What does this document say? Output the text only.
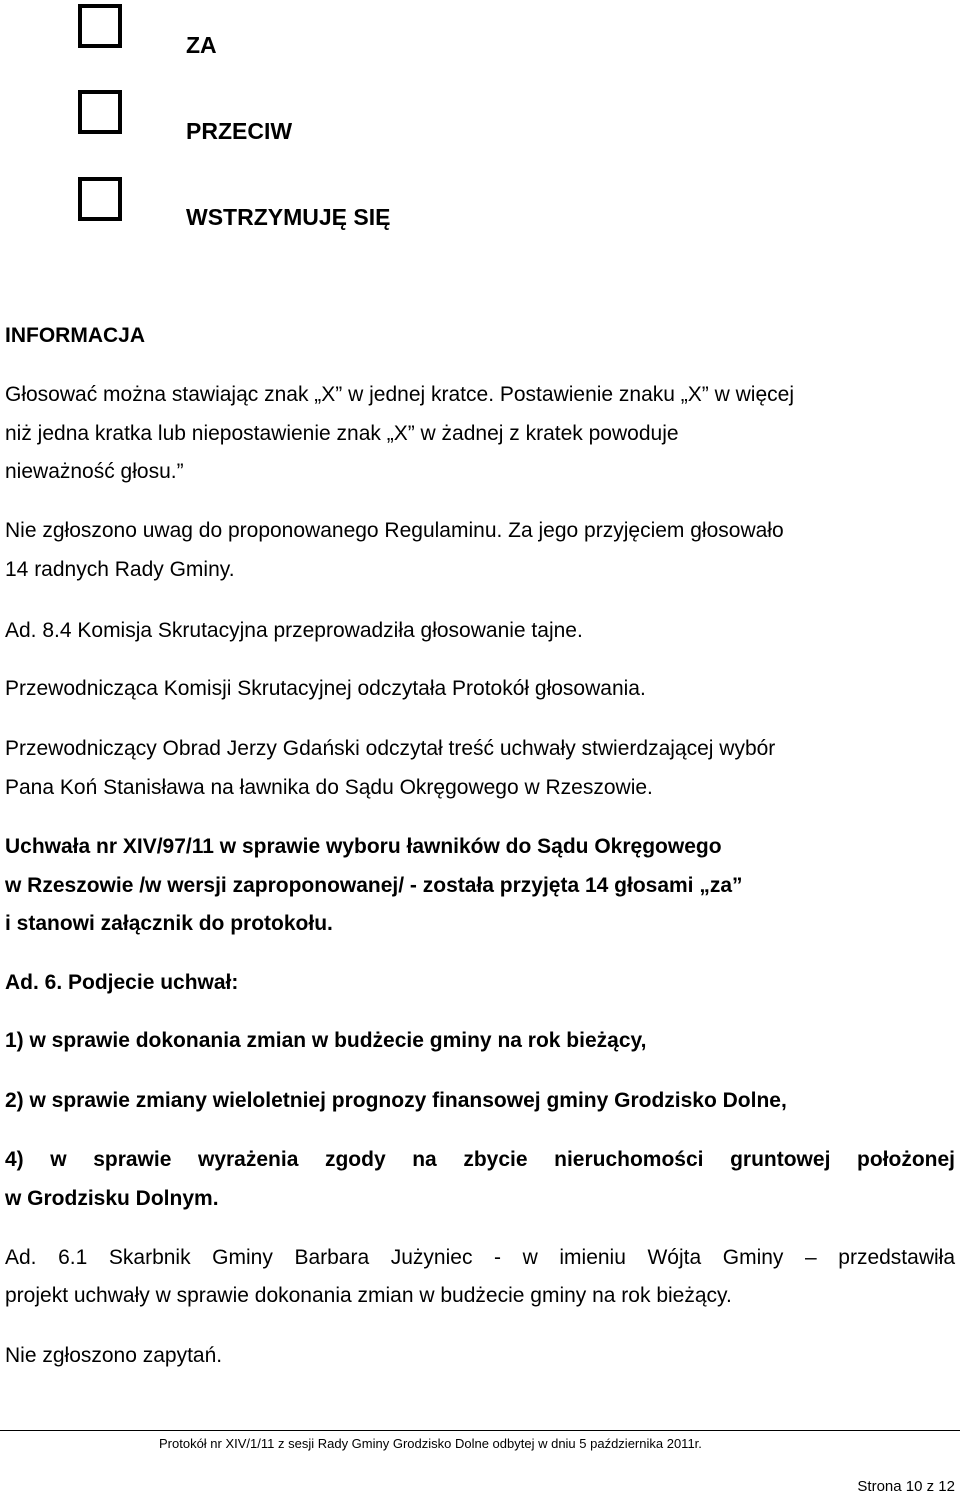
ZA
PRZECIW
WSTRZYMUJĘ SIĘ
INFORMACJA
Głosować można stawiając znak „X” w jednej kratce. Postawienie znaku „X” w więcej
niż jedna kratka lub niepostawienie znak „X” w żadnej z kratek powoduje
nieważność głosu.”
Nie zgłoszono uwag do proponowanego Regulaminu. Za jego przyjęciem głosowało
14 radnych Rady Gminy.
Ad. 8.4 Komisja Skrutacyjna przeprowadziła głosowanie tajne.
Przewodnicząca Komisji Skrutacyjnej odczytała Protokół głosowania.
Przewodniczący Obrad Jerzy Gdański odczytał treść uchwały stwierdzającej wybór
Pana Koń Stanisława na ławnika do Sądu Okręgowego w Rzeszowie.
Uchwała nr XIV/97/11 w sprawie wyboru ławników do Sądu Okręgowego
w Rzeszowie /w wersji zaproponowanej/ - została przyjęta 14 głosami „za”
i stanowi załącznik do protokołu.
Ad. 6. Podjecie uchwał:
1) w sprawie dokonania zmian w budżecie gminy na rok bieżący,
2) w sprawie zmiany wieloletniej prognozy finansowej gminy Grodzisko Dolne,
4) w sprawie wyrażenia zgody na zbycie nieruchomości gruntowej położonej
w Grodzisku Dolnym.
Ad. 6.1 Skarbnik Gminy Barbara Jużyniec - w imieniu Wójta Gminy – przedstawiła
projekt uchwały w sprawie dokonania zmian w budżecie gminy na rok bieżący.
Nie zgłoszono zapytań.
Protokół nr XIV/1/11 z sesji Rady Gminy Grodzisko Dolne odbytej w dniu 5 października 2011r.
Strona 10 z 12
